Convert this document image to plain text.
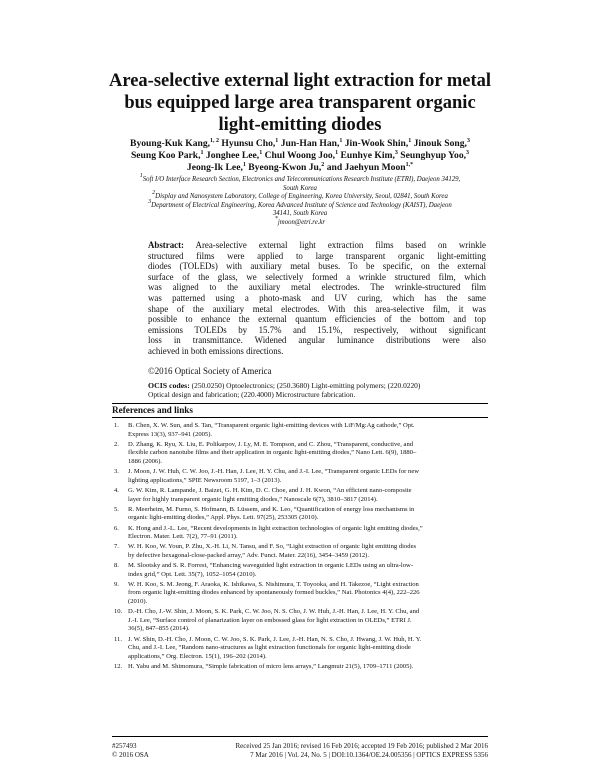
Area-selective external light extraction for metal
bus equipped large area transparent organic
light-emitting diodes
Byoung-Kuk Kang,$^{1, 2}$ Hyunsu Cho,$^1$ Jun-Han Han,$^1$ Jin-Wook Shin,$^1$ Jinouk Song,$^3$
Seung Koo Park,$^1$ Jonghee Lee,$^1$ Chul Woong Joo,$^1$ Eunhye Kim,$^3$ Seunghyup Yoo,$^3$
Jeong-Ik Lee,$^1$ Byeong-Kwon Ju,$^2$ and Jaehyun Moon$^{1,*}$
$^1$Soft I/O Interface Research Section, Electronics and Telecommunications Research Institute (ETRI), Daejeon 34129,
South Korea
$^2$Display and Nanosystem Laboratory, College of Engineering, Korea University, Seoul, 02841, South Korea
$^3$Department of Electrical Engineering, Korea Advanced Institute of Science and Technology (KAIST), Daejeon
34141, South Korea
*jmoon@etri.re.kr
Abstract: Area-selective external light extraction films based on wrinkle
structured films were applied to large transparent organic light-emitting
diodes (TOLEDs) with auxiliary metal buses. To be specific, on the external
surface of the glass, we selectively formed a wrinkle structured film, which
was aligned to the auxiliary metal electrodes. The wrinkle-structured film
was patterned using a photo-mask and UV curing, which has the same
shape of the auxiliary metal electrodes. With this area-selective film, it was
possible to enhance the external quantum efficiencies of the bottom and top
emissions TOLEDs by 15.7% and 15.1%, respectively, without significant
loss in transmittance. Widened angular luminance distributions were also
achieved in both emissions directions.
©2016 Optical Society of America
OCIS codes: (250.0250) Optoelectronics; (250.3680) Light-emitting polymers; (220.0220)
Optical design and fabrication; (220.4000) Microstructure fabrication.
References and links
1. B. Chen, X. W. Sun, and S. Tan, “Transparent organic light-emitting devices with LiF/Mg:Ag cathode,” Opt.
Express 13(3), 937–941 (2005).
2. D. Zhang, K. Ryu, X. Liu, E. Polikarpov, J. Ly, M. E. Tompson, and C. Zhou, “Transparent, conductive, and
flexible carbon nanotube films and their application in organic light-emitting diodes,” Nano Lett. 6(9), 1880–
1886 (2006).
3. J. Moon, J. W. Huh, C. W. Joo, J.-H. Han, J. Lee, H. Y. Chu, and J.-I. Lee, “Transparent organic LEDs for new
lighting applications,” SPIE Newsroom 5197, 1–3 (2013).
4. G. W. Kim, R. Lampande, J. Baizet, G. H. Kim, D. C. Choe, and J. H. Kwon, “An efficient nano-composite
layer for highly transparent organic light emitting diodes,” Nanoscale 6(7), 3810–3817 (2014).
5. R. Meerheim, M. Furno, S. Hofmann, B. Lüssem, and K. Leo, “Quantification of energy loss mechanisms in
organic light-emitting diodes,” Appl. Phys. Lett. 97(25), 253305 (2010).
6. K. Hong and J.-L. Lee, “Recent developments in light extraction technologies of organic light emitting diodes,”
Electron. Mater. Lett. 7(2), 77–91 (2011).
7. W. H. Koo, W. Youn, P. Zhu, X.-H. Li, N. Tansu, and F. So, “Light extraction of organic light emitting diodes
by defective hexagonal-close-packed array,” Adv. Funct. Mater. 22(16), 3454–3459 (2012).
8. M. Slootsky and S. R. Forrest, “Enhancing waveguided light extraction in organic LEDs using an ultra-low-
index grid,” Opt. Lett. 35(7), 1052–1054 (2010).
9. W. H. Koo, S. M. Jeong, F. Araoka, K. Ishikawa, S. Nishimura, T. Toyooka, and H. Takezoe, “Light extraction
from organic light-emitting diodes enhanced by spontaneously formed buckles,” Nat. Photonics 4(4), 222–226
(2010).
10. D.-H. Cho, J.-W. Shin, J. Moon, S. K. Park, C. W. Joo, N. S. Cho, J. W. Huh, J.-H. Han, J. Lee, H. Y. Chu, and
J.-I. Lee, “Surface control of planarization layer on embossed glass for light extraction in OLEDs,” ETRI J.
36(5), 847–855 (2014).
11. J. W. Shin, D.-H. Cho, J. Moon, C. W. Joo, S. K. Park, J. Lee, J.-H. Han, N. S. Cho, J. Hwang, J. W. Huh, H. Y.
Chu, and J.-I. Lee, “Random nano-structures as light extraction functionals for organic light-emitting diode
applications,” Org. Electron. 15(1), 196–202 (2014).
12. H. Yabu and M. Shimomura, “Simple fabrication of micro lens arrays,” Langmuir 21(5), 1709–1711 (2005).
#257493
© 2016 OSA
Received 25 Jan 2016; revised 16 Feb 2016; accepted 19 Feb 2016; published 2 Mar 2016
7 Mar 2016 | Vol. 24, No. 5 | DOI:10.1364/OE.24.005356 | OPTICS EXPRESS 5356
